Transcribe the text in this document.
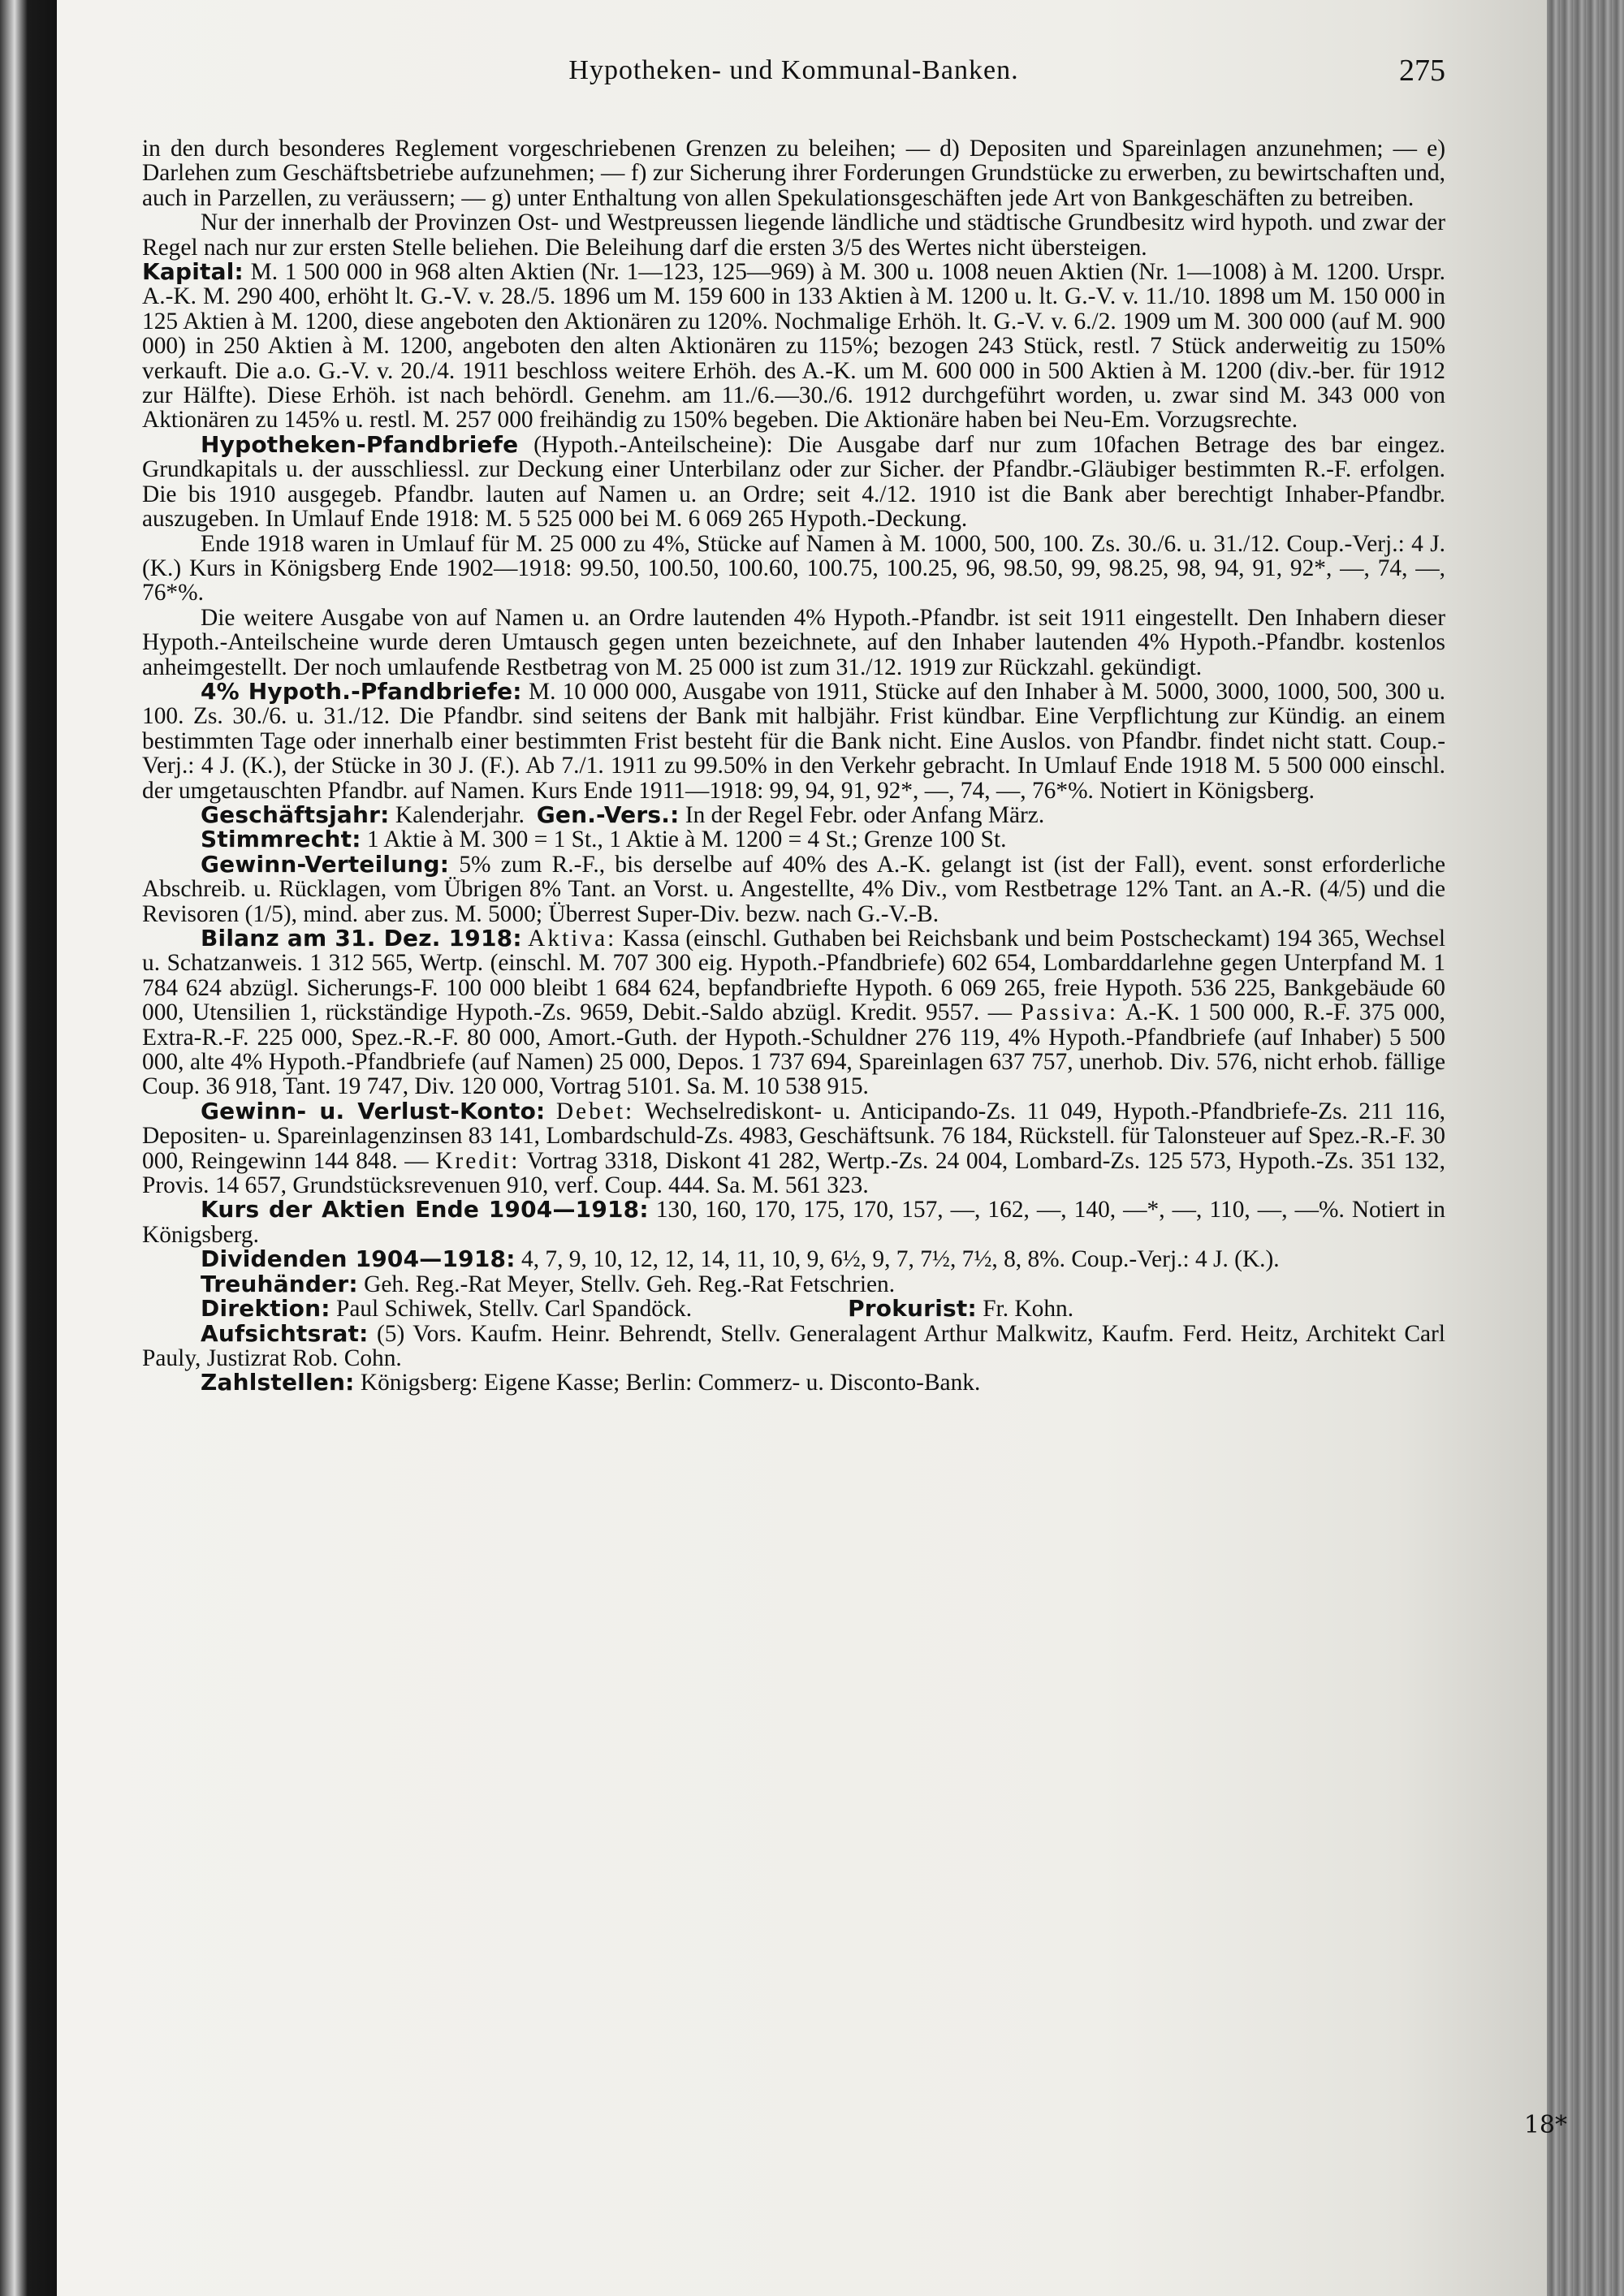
Hypotheken- und Kommunal-Banken.	275

in den durch besonderes Reglement vorgeschriebenen Grenzen zu beleihen; — d) Depositen und Spareinlagen anzunehmen; — e) Darlehen zum Geschäftsbetriebe aufzunehmen; — f) zur Sicherung ihrer Forderungen Grundstücke zu erwerben, zu bewirtschaften und, auch in Parzellen, zu veräussern; — g) unter Enthaltung von allen Spekulationsgeschäften jede Art von Bankgeschäften zu betreiben.

Nur der innerhalb der Provinzen Ost- und Westpreussen liegende ländliche und städtische Grundbesitz wird hypoth. und zwar der Regel nach nur zur ersten Stelle beliehen. Die Beleihung darf die ersten 3/5 des Wertes nicht übersteigen.

Kapital: M. 1 500 000 in 968 alten Aktien (Nr. 1—123, 125—969) à M. 300 u. 1008 neuen Aktien (Nr. 1—1008) à M. 1200. Urspr. A.-K. M. 290 400, erhöht lt. G.-V. v. 28./5. 1896 um M. 159 600 in 133 Aktien à M. 1200 u. lt. G.-V. v. 11./10. 1898 um M. 150 000 in 125 Aktien à M. 1200, diese angeboten den Aktionären zu 120%. Nochmalige Erhöh. lt. G.-V. v. 6./2. 1909 um M. 300 000 (auf M. 900 000) in 250 Aktien à M. 1200, angeboten den alten Aktionären zu 115%; bezogen 243 Stück, restl. 7 Stück anderweitig zu 150% verkauft. Die a.o. G.-V. v. 20./4. 1911 beschloss weitere Erhöh. des A.-K. um M. 600 000 in 500 Aktien à M. 1200 (div.-ber. für 1912 zur Hälfte). Diese Erhöh. ist nach behördl. Genehm. am 11./6.—30./6. 1912 durchgeführt worden, u. zwar sind M. 343 000 von Aktionären zu 145% u. restl. M. 257 000 freihändig zu 150% begeben. Die Aktionäre haben bei Neu-Em. Vorzugsrechte.

Hypotheken-Pfandbriefe (Hypoth.-Anteilscheine): Die Ausgabe darf nur zum 10fachen Betrage des bar eingez. Grundkapitals u. der ausschliessl. zur Deckung einer Unterbilanz oder zur Sicher. der Pfandbr.-Gläubiger bestimmten R.-F. erfolgen. Die bis 1910 ausgegeb. Pfandbr. lauten auf Namen u. an Ordre; seit 4./12. 1910 ist die Bank aber berechtigt Inhaber-Pfandbr. auszugeben. In Umlauf Ende 1918: M. 5 525 000 bei M. 6 069 265 Hypoth.-Deckung.

Ende 1918 waren in Umlauf für M. 25 000 zu 4%, Stücke auf Namen à M. 1000, 500, 100. Zs. 30./6. u. 31./12. Coup.-Verj.: 4 J. (K.) Kurs in Königsberg Ende 1902—1918: 99.50, 100.50, 100.60, 100.75, 100.25, 96, 98.50, 99, 98.25, 98, 94, 91, 92*, —, 74, —, 76*%.

Die weitere Ausgabe von auf Namen u. an Ordre lautenden 4% Hypoth.-Pfandbr. ist seit 1911 eingestellt. Den Inhabern dieser Hypoth.-Anteilscheine wurde deren Umtausch gegen unten bezeichnete, auf den Inhaber lautenden 4% Hypoth.-Pfandbr. kostenlos anheimgestellt. Der noch umlaufende Restbetrag von M. 25 000 ist zum 31./12. 1919 zur Rückzahl. gekündigt.

4% Hypoth.-Pfandbriefe: M. 10 000 000, Ausgabe von 1911, Stücke auf den Inhaber à M. 5000, 3000, 1000, 500, 300 u. 100. Zs. 30./6. u. 31./12. Die Pfandbr. sind seitens der Bank mit halbjähr. Frist kündbar. Eine Verpflichtung zur Kündig. an einem bestimmten Tage oder innerhalb einer bestimmten Frist besteht für die Bank nicht. Eine Auslos. von Pfandbr. findet nicht statt. Coup.-Verj.: 4 J. (K.), der Stücke in 30 J. (F.). Ab 7./1. 1911 zu 99.50% in den Verkehr gebracht. In Umlauf Ende 1918 M. 5 500 000 einschl. der umgetauschten Pfandbr. auf Namen. Kurs Ende 1911—1918: 99, 94, 91, 92*, —, 74, —, 76*%. Notiert in Königsberg.

Geschäftsjahr: Kalenderjahr. Gen.-Vers.: In der Regel Febr. oder Anfang März.

Stimmrecht: 1 Aktie à M. 300 = 1 St., 1 Aktie à M. 1200 = 4 St.; Grenze 100 St.

Gewinn-Verteilung: 5% zum R.-F., bis derselbe auf 40% des A.-K. gelangt ist (ist der Fall), event. sonst erforderliche Abschreib. u. Rücklagen, vom Übrigen 8% Tant. an Vorst. u. Angestellte, 4% Div., vom Restbetrage 12% Tant. an A.-R. (4/5) und die Revisoren (1/5), mind. aber zus. M. 5000; Überrest Super-Div. bezw. nach G.-V.-B.

Bilanz am 31. Dez. 1918: Aktiva: Kassa (einschl. Guthaben bei Reichsbank und beim Postscheckamt) 194 365, Wechsel u. Schatzanweis. 1 312 565, Wertp. (einschl. M. 707 300 eig. Hypoth.-Pfandbriefe) 602 654, Lombarddarlehne gegen Unterpfand M. 1 784 624 abzügl. Sicherungs-F. 100 000 bleibt 1 684 624, bepfandbriefte Hypoth. 6 069 265, freie Hypoth. 536 225, Bankgebäude 60 000, Utensilien 1, rückständige Hypoth.-Zs. 9659, Debit.-Saldo abzügl. Kredit. 9557. — Passiva: A.-K. 1 500 000, R.-F. 375 000, Extra-R.-F. 225 000, Spez.-R.-F. 80 000, Amort.-Guth. der Hypoth.-Schuldner 276 119, 4% Hypoth.-Pfandbriefe (auf Inhaber) 5 500 000, alte 4% Hypoth.-Pfandbriefe (auf Namen) 25 000, Depos. 1 737 694, Spareinlagen 637 757, unerhob. Div. 576, nicht erhob. fällige Coup. 36 918, Tant. 19 747, Div. 120 000, Vortrag 5101. Sa. M. 10 538 915.

Gewinn- u. Verlust-Konto: Debet: Wechselrediskont- u. Anticipando-Zs. 11 049, Hypoth.-Pfandbriefe-Zs. 211 116, Depositen- u. Spareinlagenzinsen 83 141, Lombardschuld-Zs. 4983, Geschäftsunk. 76 184, Rückstell. für Talonsteuer auf Spez.-R.-F. 30 000, Reingewinn 144 848. — Kredit: Vortrag 3318, Diskont 41 282, Wertp.-Zs. 24 004, Lombard-Zs. 125 573, Hypoth.-Zs. 351 132, Provis. 14 657, Grundstücksrevenuen 910, verf. Coup. 444. Sa. M. 561 323.

Kurs der Aktien Ende 1904—1918: 130, 160, 170, 175, 170, 157, —, 162, —, 140, —*, —, 110, —, —%. Notiert in Königsberg.

Dividenden 1904—1918: 4, 7, 9, 10, 12, 12, 14, 11, 10, 9, 6½, 9, 7, 7½, 7½, 8, 8%. Coup.-Verj.: 4 J. (K.).

Treuhänder: Geh. Reg.-Rat Meyer, Stellv. Geh. Reg.-Rat Fetschrien.

Direktion: Paul Schiwek, Stellv. Carl Spandöck.	Prokurist: Fr. Kohn.

Aufsichtsrat: (5) Vors. Kaufm. Heinr. Behrendt, Stellv. Generalagent Arthur Malkwitz, Kaufm. Ferd. Heitz, Architekt Carl Pauly, Justizrat Rob. Cohn.

Zahlstellen: Königsberg: Eigene Kasse; Berlin: Commerz- u. Disconto-Bank.

18*
